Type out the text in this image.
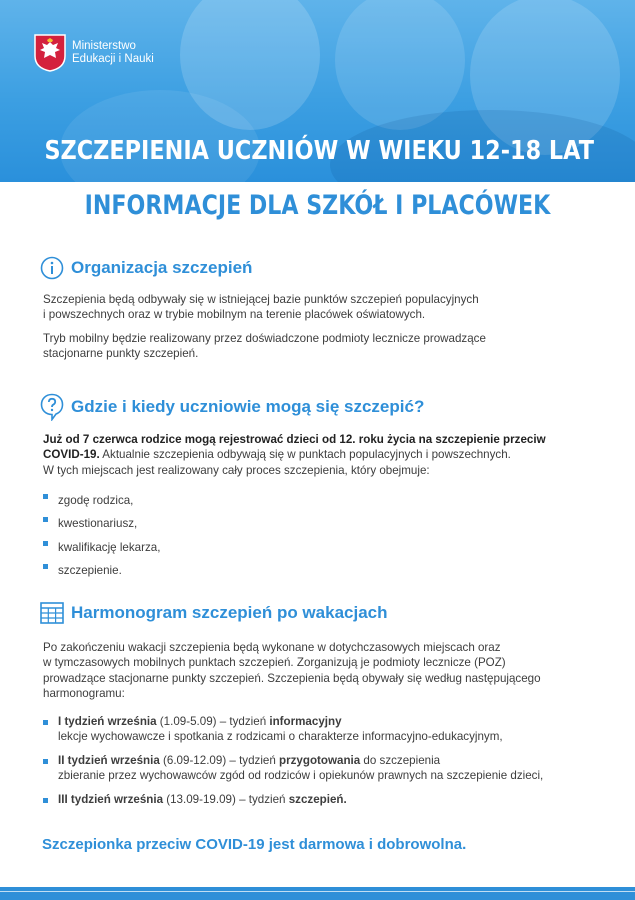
Ministerstwo
Edukacji i Nauki
SZCZEPIENIA UCZNIÓW W WIEKU 12-18 LAT
INFORMACJE DLA SZKÓŁ I PLACÓWEK
Organizacja szczepień
Szczepienia będą odbywały się w istniejącej bazie punktów szczepień populacyjnych
i powszechnych oraz w trybie mobilnym na terenie placówek oświatowych.
Tryb mobilny będzie realizowany przez doświadczone podmioty lecznicze prowadzące
stacjonarne punkty szczepień.
Gdzie i kiedy uczniowie mogą się szczepić?
Już od 7 czerwca rodzice mogą rejestrować dzieci od 12. roku życia na szczepienie przeciw
COVID-19. Aktualnie szczepienia odbywają się w punktach populacyjnych i powszechnych.
W tych miejscach jest realizowany cały proces szczepienia, który obejmuje:
zgodę rodzica,
kwestionariusz,
kwalifikację lekarza,
szczepienie.
Harmonogram szczepień po wakacjach
Po zakończeniu wakacji szczepienia będą wykonane w dotychczasowych miejscach oraz
w tymczasowych mobilnych punktach szczepień. Zorganizują je podmioty lecznicze (POZ)
prowadzące stacjonarne punkty szczepień. Szczepienia będą obywały się według następującego
harmonogramu:
I tydzień września (1.09-5.09) – tydzień informacyjny
lekcje wychowawcze i spotkania z rodzicami o charakterze informacyjno-edukacyjnym,
II tydzień września (6.09-12.09) – tydzień przygotowania do szczepienia
zbieranie przez wychowawców zgód od rodziców i opiekunów prawnych na szczepienie dzieci,
III tydzień września (13.09-19.09) – tydzień szczepień.
Szczepionka przeciw COVID-19 jest darmowa i dobrowolna.
